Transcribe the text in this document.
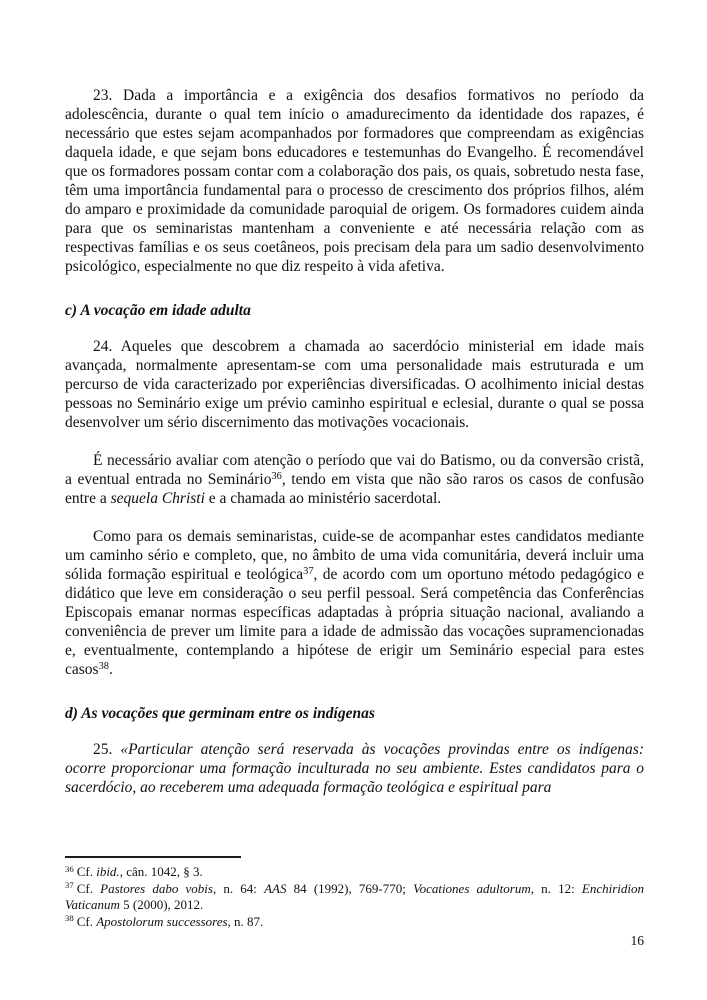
23. Dada a importância e a exigência dos desafios formativos no período da adolescência, durante o qual tem início o amadurecimento da identidade dos rapazes, é necessário que estes sejam acompanhados por formadores que compreendam as exigências daquela idade, e que sejam bons educadores e testemunhas do Evangelho. É recomendável que os formadores possam contar com a colaboração dos pais, os quais, sobretudo nesta fase, têm uma importância fundamental para o processo de crescimento dos próprios filhos, além do amparo e proximidade da comunidade paroquial de origem. Os formadores cuidem ainda para que os seminaristas mantenham a conveniente e até necessária relação com as respectivas famílias e os seus coetâneos, pois precisam dela para um sadio desenvolvimento psicológico, especialmente no que diz respeito à vida afetiva.

c) A vocação em idade adulta

24. Aqueles que descobrem a chamada ao sacerdócio ministerial em idade mais avançada, normalmente apresentam-se com uma personalidade mais estruturada e um percurso de vida caracterizado por experiências diversificadas. O acolhimento inicial destas pessoas no Seminário exige um prévio caminho espiritual e eclesial, durante o qual se possa desenvolver um sério discernimento das motivações vocacionais.

É necessário avaliar com atenção o período que vai do Batismo, ou da conversão cristã, a eventual entrada no Seminário$^{36}$, tendo em vista que não são raros os casos de confusão entre a sequela Christi e a chamada ao ministério sacerdotal.

Como para os demais seminaristas, cuide-se de acompanhar estes candidatos mediante um caminho sério e completo, que, no âmbito de uma vida comunitária, deverá incluir uma sólida formação espiritual e teológica$^{37}$, de acordo com um oportuno método pedagógico e didático que leve em consideração o seu perfil pessoal. Será competência das Conferências Episcopais emanar normas específicas adaptadas à própria situação nacional, avaliando a conveniência de prever um limite para a idade de admissão das vocações supramencionadas e, eventualmente, contemplando a hipótese de erigir um Seminário especial para estes casos$^{38}$.

d) As vocações que germinam entre os indígenas

25. «Particular atenção será reservada às vocações provindas entre os indígenas: ocorre proporcionar uma formação inculturada no seu ambiente. Estes candidatos para o sacerdócio, ao receberem uma adequada formação teológica e espiritual para

$^{36}$ Cf. ibid., cân. 1042, § 3.
$^{37}$ Cf. Pastores dabo vobis, n. 64: AAS 84 (1992), 769-770; Vocationes adultorum, n. 12: Enchiridion Vaticanum 5 (2000), 2012.
$^{38}$ Cf. Apostolorum successores, n. 87.
16
